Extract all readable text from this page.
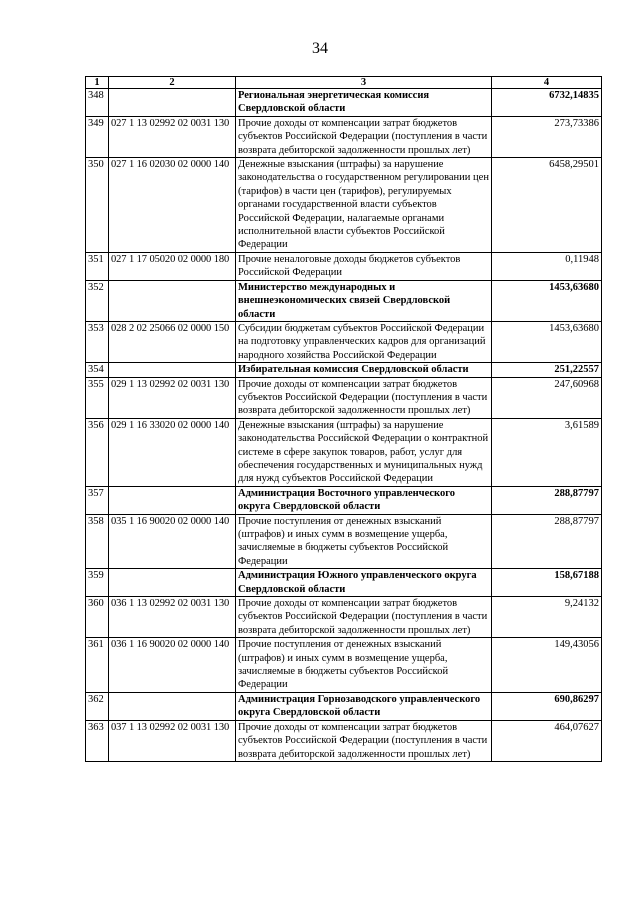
34
1	2	3	4
348		Региональная энергетическая комиссия Свердловской области	6732,14835
349	027 1 13 02992 02 0031 130	Прочие доходы от компенсации затрат бюджетов субъектов Российской Федерации (поступления в части возврата дебиторской задолженности прошлых лет)	273,73386
350	027 1 16 02030 02 0000 140	Денежные взыскания (штрафы) за нарушение законодательства о государственном регулировании цен (тарифов) в части цен (тарифов), регулируемых органами государственной власти субъектов Российской Федерации, налагаемые органами исполнительной власти субъектов Российской Федерации	6458,29501
351	027 1 17 05020 02 0000 180	Прочие неналоговые доходы бюджетов субъектов Российской Федерации	0,11948
352		Министерство международных и внешнеэкономических связей Свердловской области	1453,63680
353	028 2 02 25066 02 0000 150	Субсидии бюджетам субъектов Российской Федерации на подготовку управленческих кадров для организаций народного хозяйства Российской Федерации	1453,63680
354		Избирательная комиссия Свердловской области	251,22557
355	029 1 13 02992 02 0031 130	Прочие доходы от компенсации затрат бюджетов субъектов Российской Федерации (поступления в части возврата дебиторской задолженности прошлых лет)	247,60968
356	029 1 16 33020 02 0000 140	Денежные взыскания (штрафы) за нарушение законодательства Российской Федерации о контрактной системе в сфере закупок товаров, работ, услуг для обеспечения государственных и муниципальных нужд для нужд субъектов Российской Федерации	3,61589
357		Администрация Восточного управленческого округа Свердловской области	288,87797
358	035 1 16 90020 02 0000 140	Прочие поступления от денежных взысканий (штрафов) и иных сумм в возмещение ущерба, зачисляемые в бюджеты субъектов Российской Федерации	288,87797
359		Администрация Южного управленческого округа Свердловской области	158,67188
360	036 1 13 02992 02 0031 130	Прочие доходы от компенсации затрат бюджетов субъектов Российской Федерации (поступления в части возврата дебиторской задолженности прошлых лет)	9,24132
361	036 1 16 90020 02 0000 140	Прочие поступления от денежных взысканий (штрафов) и иных сумм в возмещение ущерба, зачисляемые в бюджеты субъектов Российской Федерации	149,43056
362		Администрация Горнозаводского управленческого округа Свердловской области	690,86297
363	037 1 13 02992 02 0031 130	Прочие доходы от компенсации затрат бюджетов субъектов Российской Федерации (поступления в части возврата дебиторской задолженности прошлых лет)	464,07627
